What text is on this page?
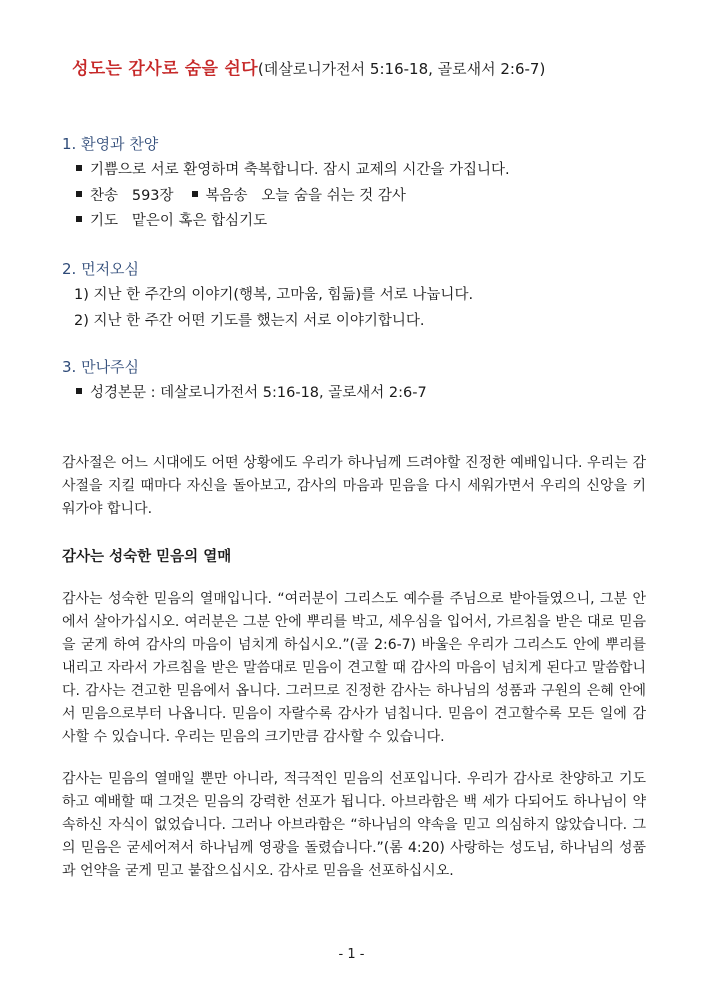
성도는 감사로 숨을 쉰다(데살로니가전서 5:16-18, 골로새서 2:6-7)
1. 환영과 찬양
기쁨으로 서로 환영하며 축복합니다. 잠시 교제의 시간을 가집니다.
찬송   593장 복음송   오늘 숨을 쉬는 것 감사
기도   맡은이 혹은 합심기도
2. 먼저오심
1) 지난 한 주간의 이야기(행복, 고마움, 힘듦)를 서로 나눕니다.
2) 지난 한 주간 어떤 기도를 했는지 서로 이야기합니다.
3. 만나주심
성경본문 : 데살로니가전서 5:16-18, 골로새서 2:6-7
감사절은 어느 시대에도 어떤 상황에도 우리가 하나님께 드려야할 진정한 예배입니다. 우리는 감사절을 지킬 때마다 자신을 돌아보고, 감사의 마음과 믿음을 다시 세워가면서 우리의 신앙을 키워가야 합니다.
감사는 성숙한 믿음의 열매
감사는 성숙한 믿음의 열매입니다. “여러분이 그리스도 예수를 주님으로 받아들였으니, 그분 안에서 살아가십시오. 여러분은 그분 안에 뿌리를 박고, 세우심을 입어서, 가르침을 받은 대로 믿음을 굳게 하여 감사의 마음이 넘치게 하십시오.”(골 2:6-7) 바울은 우리가 그리스도 안에 뿌리를 내리고 자라서 가르침을 받은 말씀대로 믿음이 견고할 때 감사의 마음이 넘치게 된다고 말씀합니다. 감사는 견고한 믿음에서 옵니다. 그러므로 진정한 감사는 하나님의 성품과 구원의 은혜 안에서 믿음으로부터 나옵니다. 믿음이 자랄수록 감사가 넘칩니다. 믿음이 견고할수록 모든 일에 감사할 수 있습니다. 우리는 믿음의 크기만큼 감사할 수 있습니다.
감사는 믿음의 열매일 뿐만 아니라, 적극적인 믿음의 선포입니다. 우리가 감사로 찬양하고 기도하고 예배할 때 그것은 믿음의 강력한 선포가 됩니다. 아브라함은 백 세가 다되어도 하나님이 약속하신 자식이 없었습니다. 그러나 아브라함은 “하나님의 약속을 믿고 의심하지 않았습니다. 그의 믿음은 굳세어져서 하나님께 영광을 돌렸습니다.”(롬 4:20) 사랑하는 성도님, 하나님의 성품과 언약을 굳게 믿고 붙잡으십시오. 감사로 믿음을 선포하십시오.
- 1 -
